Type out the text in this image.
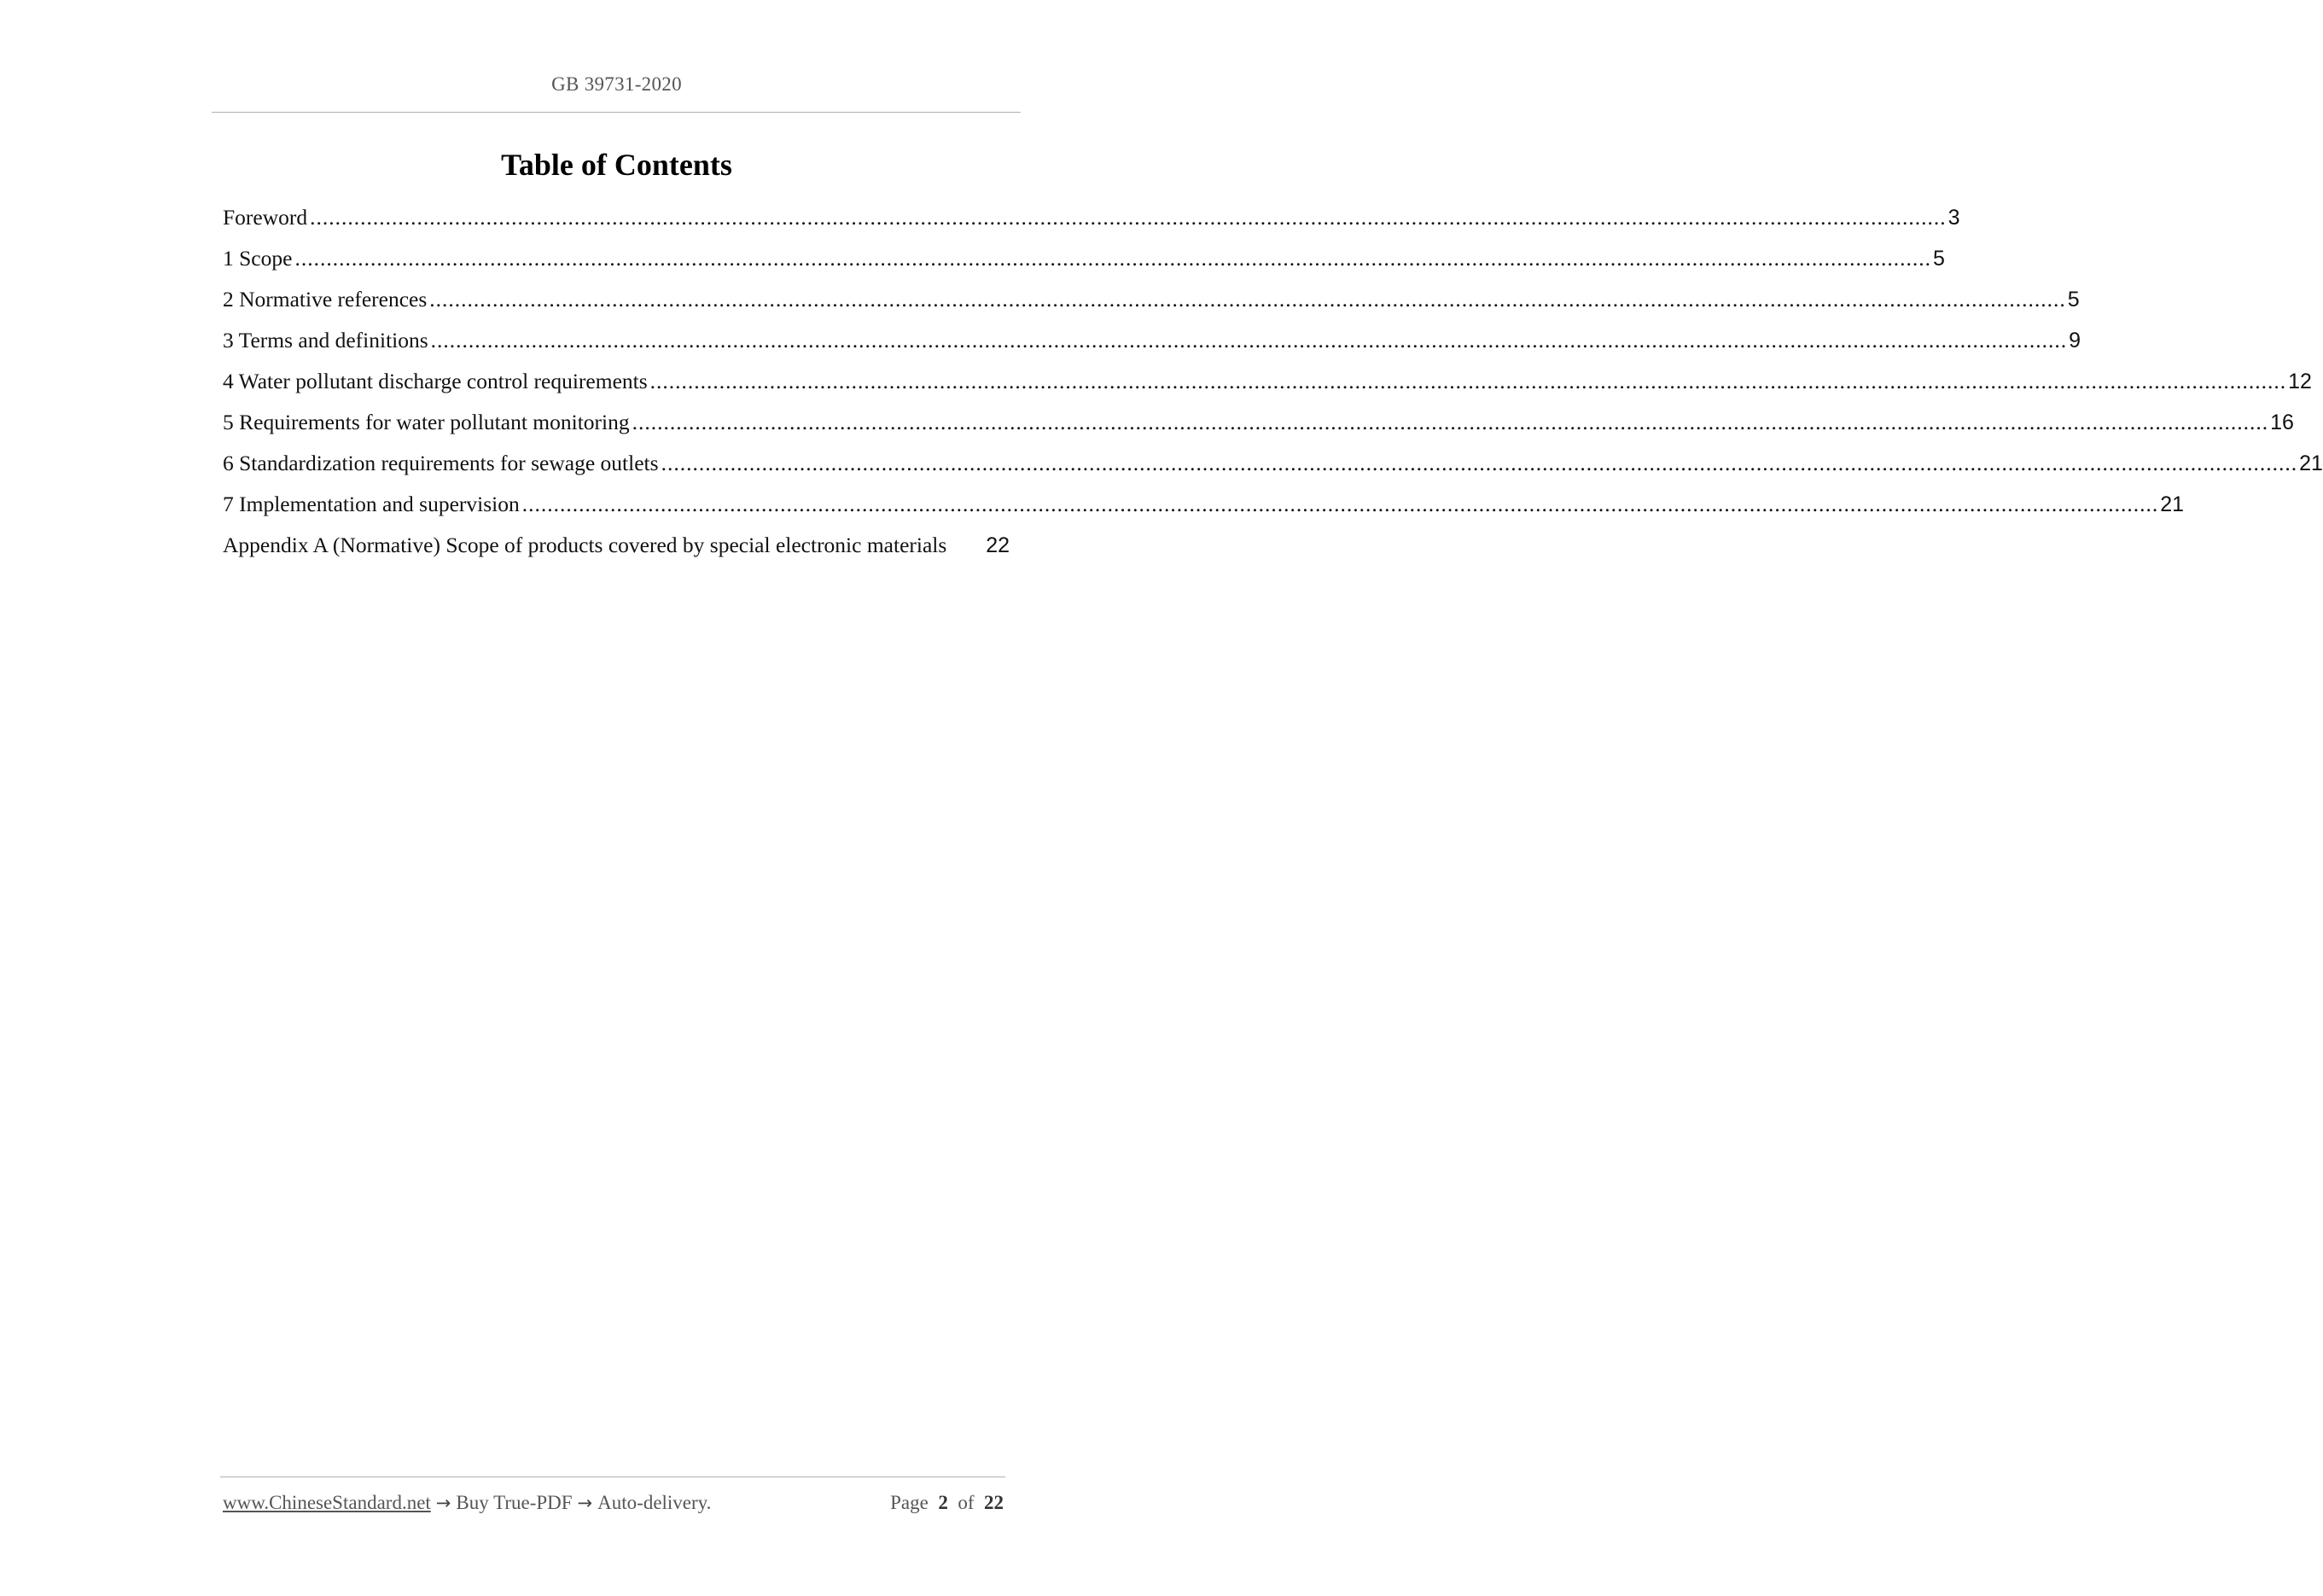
GB 39731-2020
Table of Contents
Foreword .................................................................................................................................................................................................................................................................... 3
1 Scope .................................................................................................................................................................................................................................................................... 5
2 Normative references .................................................................................................................................................................................................................................................................... 5
3 Terms and definitions .................................................................................................................................................................................................................................................................... 9
4 Water pollutant discharge control requirements .................................................................................................................................................................................................................................................................... 12
5 Requirements for water pollutant monitoring .................................................................................................................................................................................................................................................................... 16
6 Standardization requirements for sewage outlets .................................................................................................................................................................................................................................................................... 21
7 Implementation and supervision .................................................................................................................................................................................................................................................................... 21
Appendix A (Normative) Scope of products covered by special electronic materials 22
www.ChineseStandard.net → Buy True-PDF → Auto-delivery.	Page 2 of 22
